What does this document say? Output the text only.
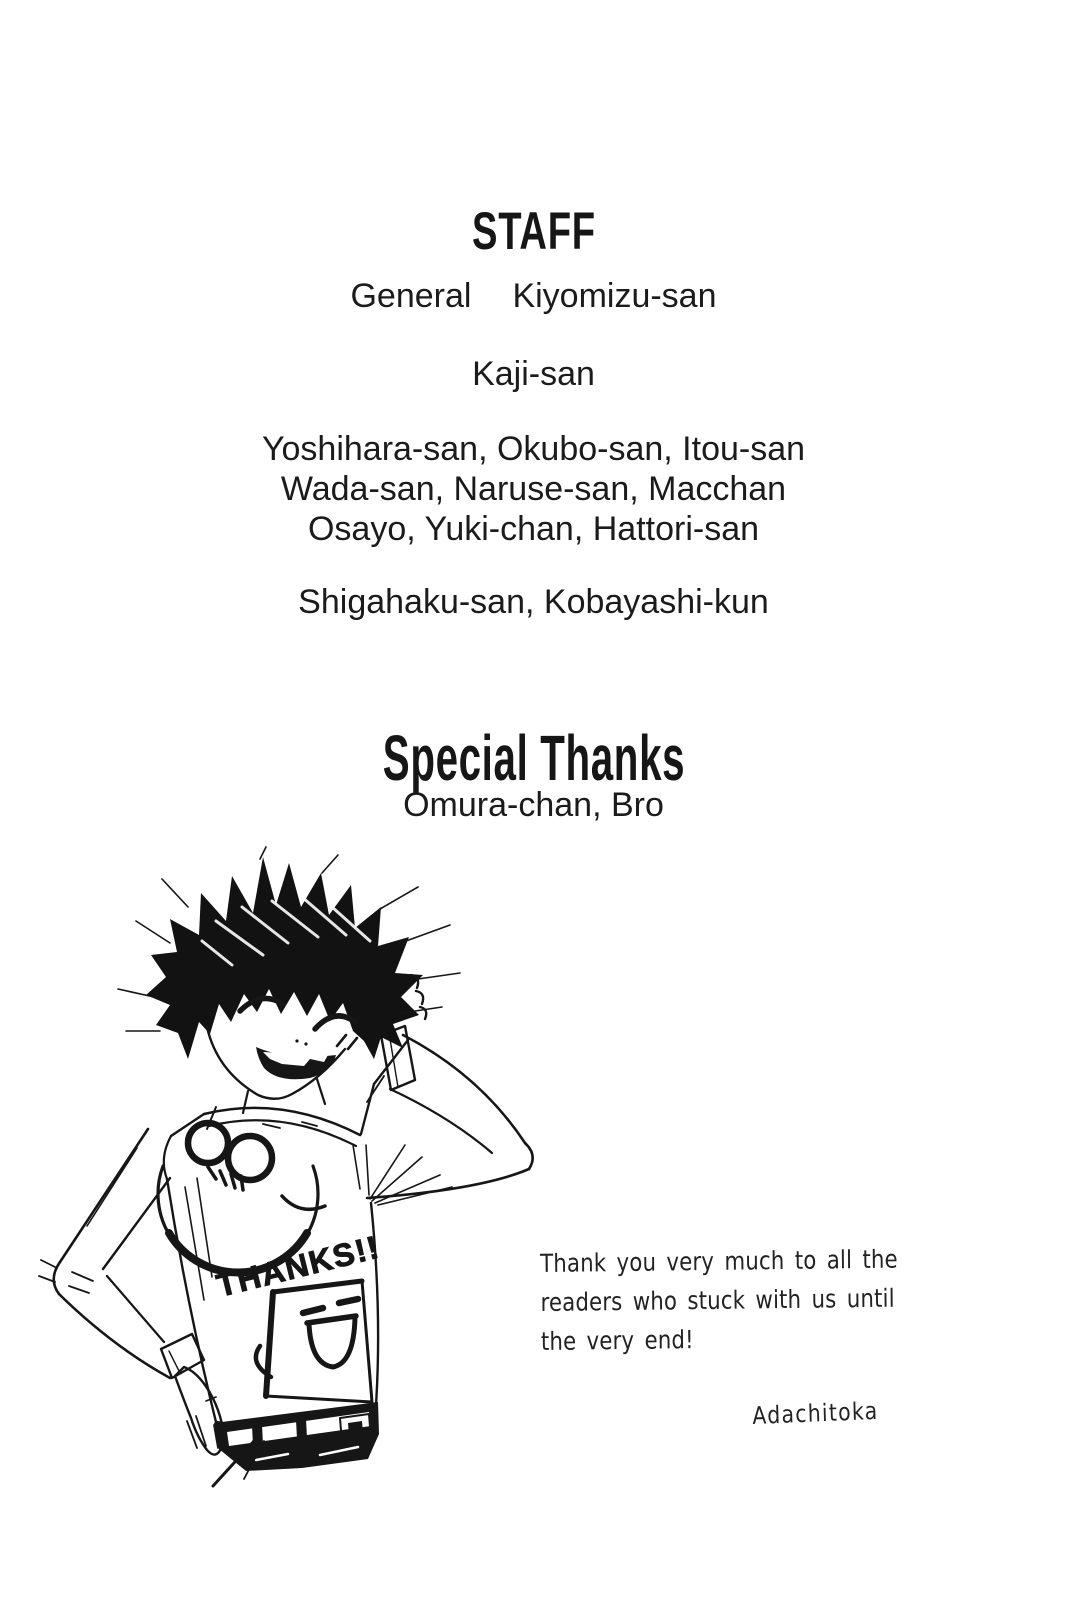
STAFF
General Kiyomizu-san
Kaji-san
Yoshihara-san, Okubo-san, Itou-san
Wada-san, Naruse-san, Macchan
Osayo, Yuki-chan, Hattori-san
Shigahaku-san, Kobayashi-kun
Special Thanks
Omura-chan, Bro
THANKS!!	Thank you very much to all the
readers who stuck with us until
the very end!
Adachitoka
